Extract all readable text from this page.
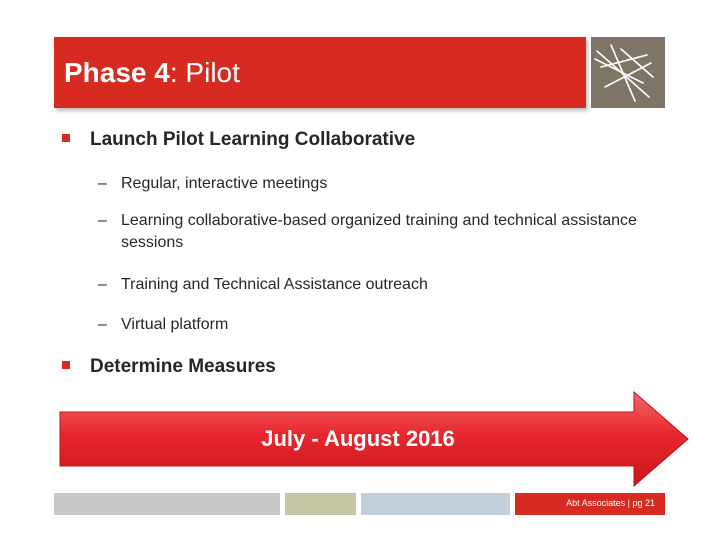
Phase 4: Pilot
Launch Pilot Learning Collaborative
– Regular, interactive meetings
– Learning collaborative-based organized training and technical assistance sessions
– Training and Technical Assistance outreach
– Virtual platform
Determine Measures
July - August 2016
Abt Associates | pg 21
